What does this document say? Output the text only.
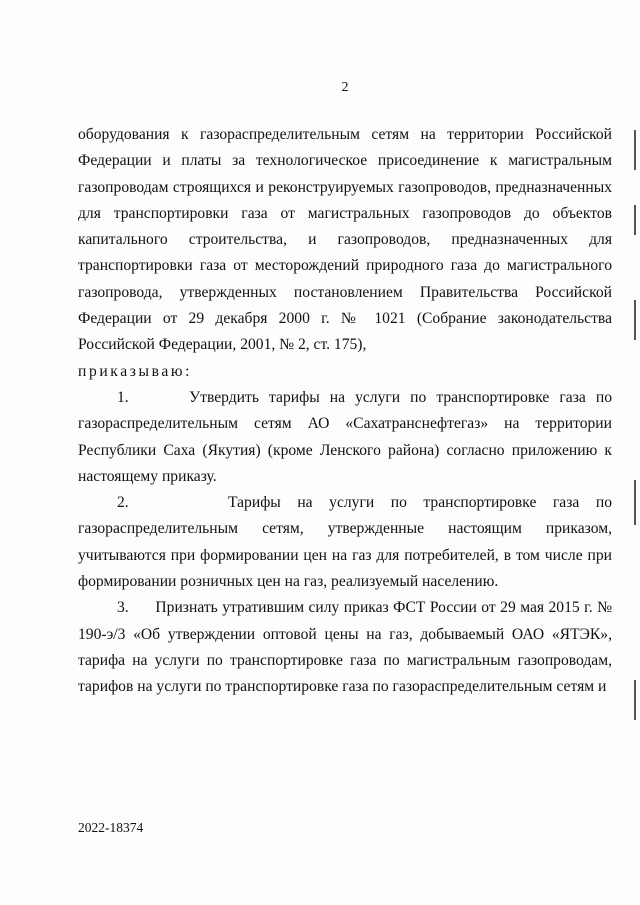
2

оборудования к газораспределительным сетям на территории Российской Федерации и платы за технологическое присоединение к магистральным газопроводам строящихся и реконструируемых газопроводов, предназначенных для транспортировки газа от магистральных газопроводов до объектов капитального строительства, и газопроводов, предназначенных для транспортировки газа от месторождений природного газа до магистрального газопровода, утвержденных постановлением Правительства Российской Федерации от 29 декабря 2000 г. № 1021 (Собрание законодательства Российской Федерации, 2001, № 2, ст. 175),

приказываю:

1.	Утвердить тарифы на услуги по транспортировке газа по газораспределительным сетям АО «Сахатранснефтегаз» на территории Республики Саха (Якутия) (кроме Ленского района) согласно приложению к настоящему приказу.

2.	Тарифы на услуги по транспортировке газа по газораспределительным сетям, утвержденные настоящим приказом, учитываются при формировании цен на газ для потребителей, в том числе при формировании розничных цен на газ, реализуемый населению.

3. Признать утратившим силу приказ ФСТ России от 29 мая 2015 г. № 190-э/3 «Об утверждении оптовой цены на газ, добываемый ОАО «ЯТЭК», тарифа на услуги по транспортировке газа по магистральным газопроводам, тарифов на услуги по транспортировке газа по газораспределительным сетям и

2022-18374
